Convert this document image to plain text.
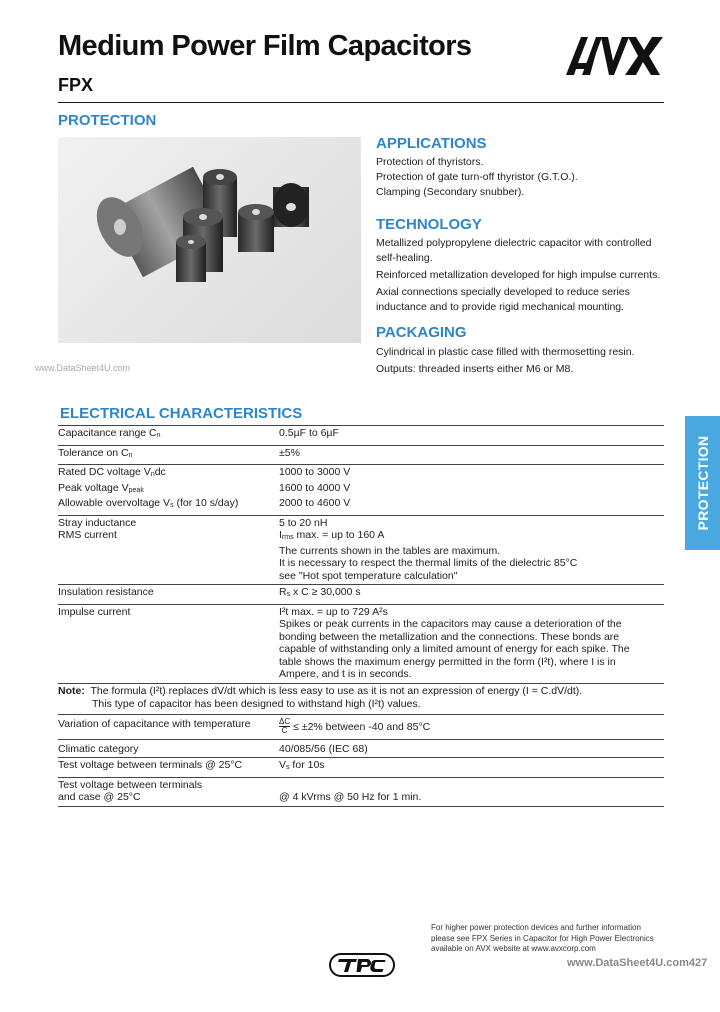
Medium Power Film Capacitors
FPX
PROTECTION
www.DataSheet4U.com
APPLICATIONS
Protection of thyristors.
Protection of gate turn-off thyristor (G.T.O.).
Clamping (Secondary snubber).
TECHNOLOGY
Metallized polypropylene dielectric capacitor with controlled
self-healing.
Reinforced metallization developed for high impulse currents.
Axial connections specially developed to reduce series
inductance and to provide rigid mechanical mounting.
PACKAGING
Cylindrical in plastic case filled with thermosetting resin.
Outputs: threaded inserts either M6 or M8.
ELECTRICAL CHARACTERISTICS
Capacitance range Cn	0.5µF to 6µF
Tolerance on Cn	±5%
Rated DC voltage Vndc	1000 to 3000 V
Peak voltage Vpeak	1600 to 4000 V
Allowable overvoltage Vs (for 10 s/day)	2000 to 4600 V
Stray inductance	5 to 20 nH
RMS current	Irms max. = up to 160 A
The currents shown in the tables are maximum.
It is necessary to respect the thermal limits of the dielectric 85°C
see "Hot spot temperature calculation"
Insulation resistance	Rs x C ≥ 30,000 s
Impulse current	I²t max. = up to 729 A²s
Spikes or peak currents in the capacitors may cause a deterioration of the
bonding between the metallization and the connections. These bonds are
capable of withstanding only a limited amount of energy for each spike. The
table shows the maximum energy permitted in the form (I²t), where I is in
Ampere, and t is in seconds.
Note: The formula (I²t) replaces dV/dt which is less easy to use as it is not an expression of energy (I = C.dV/dt).
This type of capacitor has been designed to withstand high (I²t) values.
Variation of capacitance with temperature	$\frac{\Delta C}{C} \le \pm 2\%$ between -40 and 85°C
Climatic category	40/085/56 (IEC 68)
Test voltage between terminals @ 25°C	Vs for 10s
Test voltage between terminals
and case @ 25°C	@ 4 kVrms @ 50 Hz for 1 min.
PROTECTION
For higher power protection devices and further information
please see FPX Series in Capacitor for High Power Electronics
available on AVX website at www.avxcorp.com
www.DataSheet4U.com427
